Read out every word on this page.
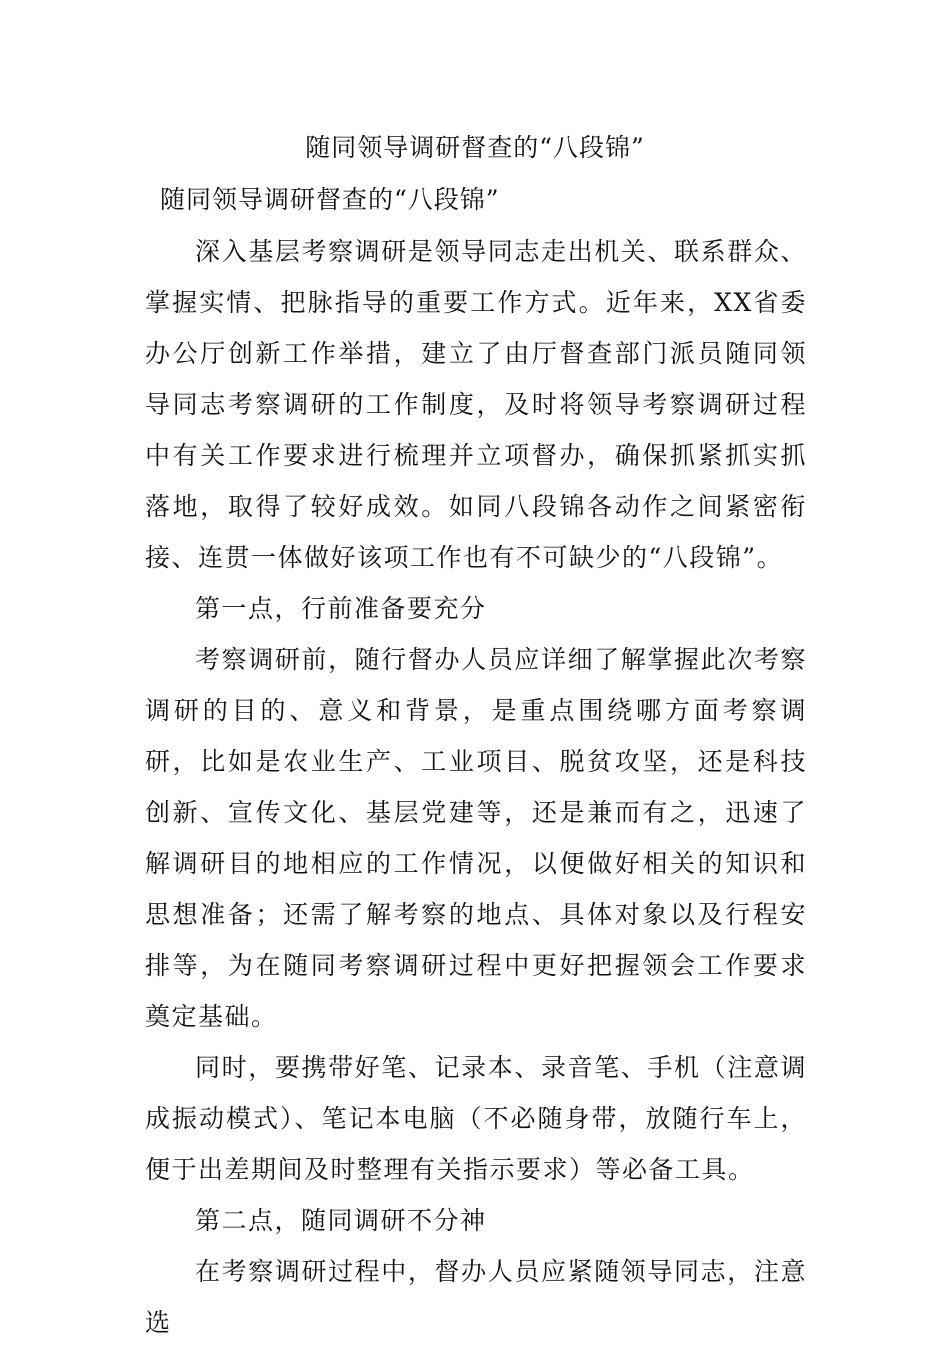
随同领导调研督查的“八段锦”
随同领导调研督查的“八段锦”

深入基层考察调研是领导同志走出机关、联系群众、掌握实情、把脉指导的重要工作方式。近年来，XX省委办公厅创新工作举措，建立了由厅督查部门派员随同领导同志考察调研的工作制度，及时将领导考察调研过程中有关工作要求进行梳理并立项督办，确保抓紧抓实抓落地，取得了较好成效。如同八段锦各动作之间紧密衔接、连贯一体做好该项工作也有不可缺少的“八段锦”。

第一点，行前准备要充分

考察调研前，随行督办人员应详细了解掌握此次考察调研的目的、意义和背景，是重点围绕哪方面考察调研，比如是农业生产、工业项目、脱贫攻坚，还是科技创新、宣传文化、基层党建等，还是兼而有之，迅速了解调研目的地相应的工作情况，以便做好相关的知识和思想准备；还需了解考察的地点、具体对象以及行程安排等，为在随同考察调研过程中更好把握领会工作要求奠定基础。

同时，要携带好笔、记录本、录音笔、手机（注意调成振动模式）、笔记本电脑（不必随身带，放随行车上，便于出差期间及时整理有关指示要求）等必备工具。

第二点，随同调研不分神

在考察调研过程中，督办人员应紧随领导同志，注意选
